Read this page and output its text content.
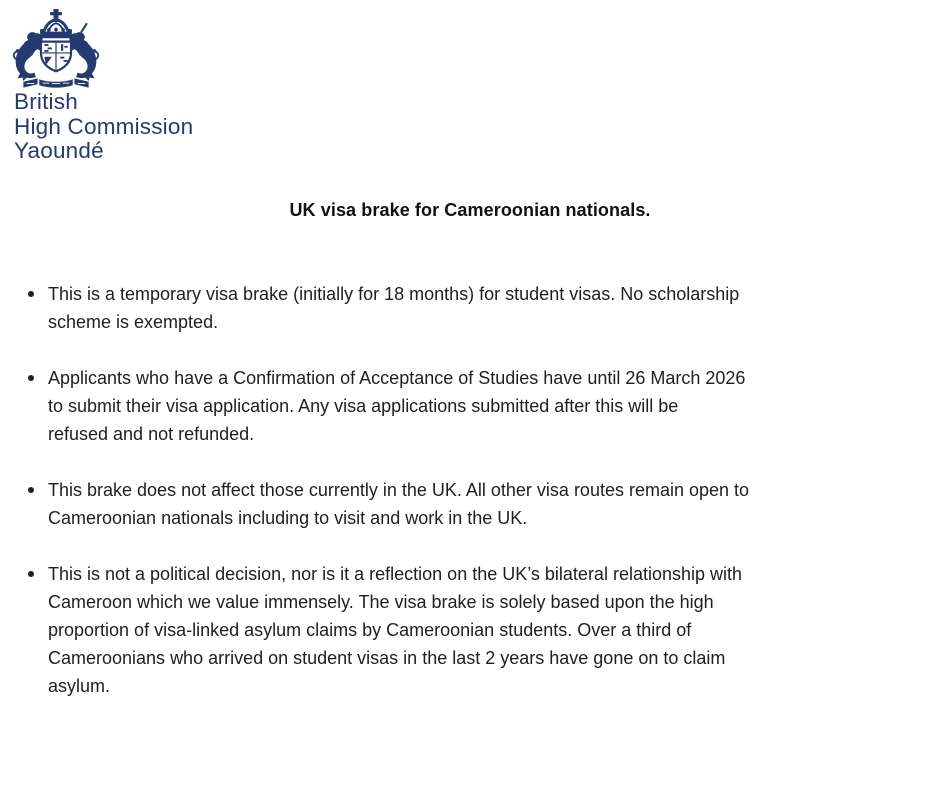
British
High Commission
Yaoundé
UK visa brake for Cameroonian nationals.
This is a temporary visa brake (initially for 18 months) for student visas. No scholarship
scheme is exempted.
Applicants who have a Confirmation of Acceptance of Studies have until 26 March 2026
to submit their visa application. Any visa applications submitted after this will be
refused and not refunded.
This brake does not affect those currently in the UK. All other visa routes remain open to
Cameroonian nationals including to visit and work in the UK.
This is not a political decision, nor is it a reflection on the UK’s bilateral relationship with
Cameroon which we value immensely. The visa brake is solely based upon the high
proportion of visa-linked asylum claims by Cameroonian students. Over a third of
Cameroonians who arrived on student visas in the last 2 years have gone on to claim
asylum.
